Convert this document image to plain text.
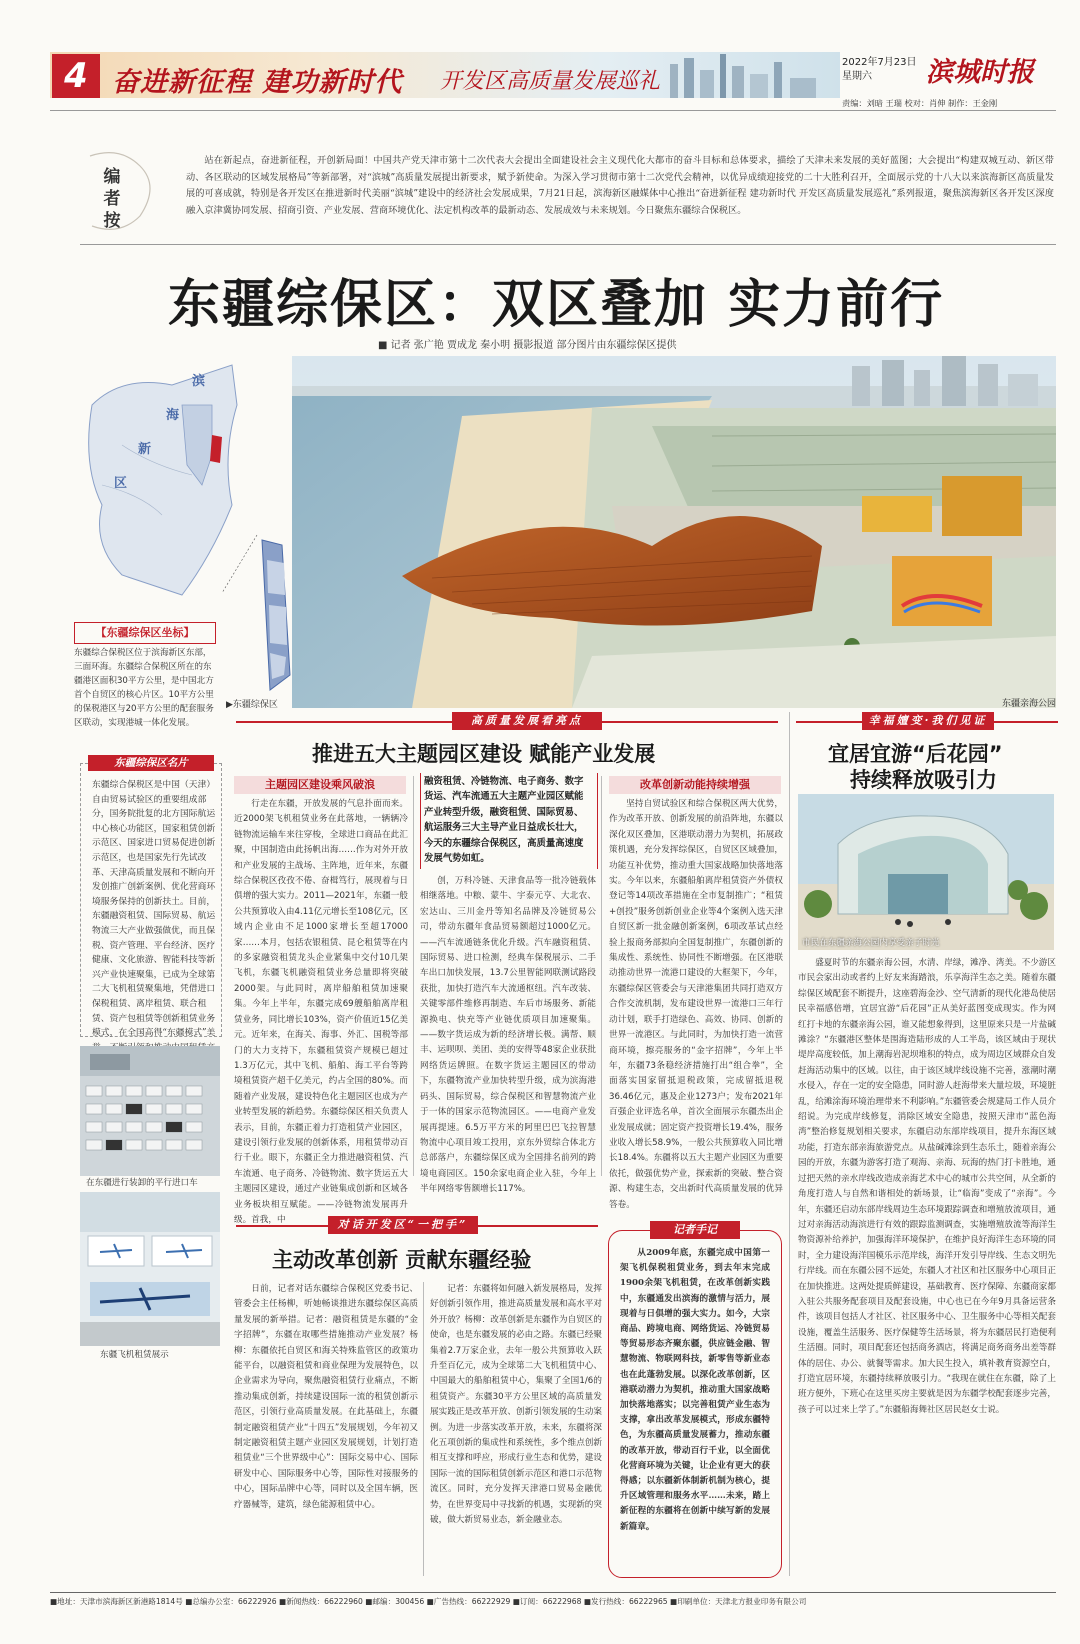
4 奋进新征程 建功新时代 开发区高质量发展巡礼
2022年7月23日
星期六	滨城时报
责编：刘暗 王瑞 校对：肖伸 制作：王金刚
编者按

站在新起点，奋进新征程，开创新局面！中国共产党天津市第十二次代表大会提出全面建设社会主义现代化大都市的奋斗目标和总体要求，描绘了天津未来发展的美好蓝图；大会提出“构建双城互动、新区带动、各区联动的区域发展格局”等新部署，对“滨城”高质量发展提出新要求，赋予新使命。为深入学习贯彻市第十二次党代会精神，以优异成绩迎接党的二十大胜利召开，全面展示党的十八大以来滨海新区高质量发展的可喜成就，特别是各开发区在推进新时代美丽“滨城”建设中的经济社会发展成果，7月21日起，滨海新区融媒体中心推出“奋进新征程 建功新时代 开发区高质量发展巡礼”系列报道，聚焦滨海新区各开发区深度融入京津冀协同发展、招商引资、产业发展、营商环境优化、法定机构改革的最新动态、发展成效与未来规划。今日聚焦东疆综合保税区。

东疆综保区：双区叠加 实力前行
■ 记者 张广艳 贾成龙 秦小明 摄影报道 部分图片由东疆综保区提供
滨
海
新
区
【东疆综保区坐标】
东疆综合保税区位于滨海新区东部，三面环海。东疆综合保税区所在的东疆港区面积30平方公里，是中国北方首个自贸区的核心片区。10平方公里的保税港区与20平方公里的配套服务区联动，实现港城一体化发展。
▶东疆综保区	东疆亲海公园
高质量发展看亮点
推进五大主题园区建设 赋能产业发展
主题园区建设乘风破浪

行走在东疆，开放发展的气息扑面而来。近2000架飞机租赁业务在此落地，一辆辆冷链物流运输车来往穿梭，全球进口商品在此汇聚，中国制造由此扬帆出海……作为对外开放和产业发展的主战场、主阵地，近年来，东疆综合保税区孜孜不倦、奋楫笃行，展现着与日俱增的强大实力。2011—2021年，东疆一般公共预算收入由4.11亿元增长至108亿元，区域内企业由不足1000家增长至超17000家……本月，包括农银租赁、昆仑租赁等在内的多家融资租赁龙头企业紧集中交付10几架飞机，东疆飞机融资租赁业务总量即将突破2000架。与此同时，离岸船舶租赁加速聚集。今年上半年，东疆完成69艘船舶离岸租赁业务，同比增长103%，资产价值近15亿美元。近年来，在海关、海事、外汇、国税等部门的大力支持下，东疆租赁资产规模已超过1.3万亿元，其中飞机、船舶、海工平台等跨境租赁资产超千亿美元，约占全国的80%。而随着产业发展，建设特色化主题园区也成为产业转型发展的新趋势。东疆综保区相关负责人表示，目前，东疆正着力打造租赁产业园区，建设引领行业发展的创新体系，用租赁带动百行千业。眼下，东疆正全力推进融资租赁、汽车流通、电子商务、冷链物流、数字货运五大主题园区建设，通过产业链集成创新和区域各业务板块相互赋能。——冷链物流发展再升级。首我，中

融资租赁、冷链物流、电子商务、数字货运、汽车流通五大主题产业园区赋能产业转型升级，融资租赁、国际贸易、航运服务三大主导产业日益成长壮大，今天的东疆综合保税区，高质量高速度发展气势如虹。

创，万科冷链、天津食品等一批冷链载体相继落地。中粮、蒙牛、宇泰元亨、大北农、宏达山、三川金丹等知名品牌及冷链贸易公司，带动东疆年食品贸易额超过1000亿元。——汽车流通链条优化升级。汽车融资租赁、国际贸易、进口检测，经典车保税展示、二手车出口加快发展，13.7公里智能网联测试路段获批，加快打造汽车大流通枢纽。汽车改装、关键零部件维修再制造、车后市场服务、新能源换电、快充等产业链优质项目加速聚集。——数字货运成为新的经济增长极。满帮、顺丰、运呗呗、美团、美的安得等48家企业获批网络货运牌照。在数字货运主题园区的带动下，东疆物流产业加快转型升级，成为滨海港码头、国际贸易，综合保税区和智慧物流产业于一体的国家示范物流园区。——电商产业发展再提速。6.5万平方米的阿里巴巴飞拉智慧物流中心项目竣工投用，京东外贸综合体北方总部落户，东疆综保区成为全国排名前列的跨境电商园区。150余家电商企业入驻，今年上半年网络零售额增长117%。

改革创新动能持续增强

坚持自贸试验区和综合保税区两大优势，作为改革开放、创新发展的前沿阵地，东疆以深化双区叠加，区港联动潜力为契机，拓展政策机遇，充分发挥综保区，自贸区区域叠加，功能互补优势，推动重大国家战略加快落地落实。今年以来，东疆船舶离岸租赁资产外债权登记等14项改革措施在全市复制推广；“租赁+创投”服务创新创业企业等4个案例入选天津自贸区新一批金融创新案例，6项改革试点经验上报商务部拟向全国复制推广，东疆创新的集成性、系统性、协同性不断增强。在区港联动推动世界一流港口建设的大框架下，今年，东疆综保区管委会与天津港集团共同打造双方合作交流机制，发布建设世界一流港口三年行动计划，联手打造绿色、高效、协同、创新的世界一流港区。与此同时，为加快打造一流营商环境，擦亮服务的“金字招牌”，今年上半年，东疆73条稳经济措施打出“组合拳”，全面落实国家留抵退税政策，完成留抵退税36.46亿元，惠及企业1273户；发布2021年百强企业评选名单，首次全面展示东疆杰出企业发展成就；固定资产投资增长19.4%，服务业收入增长58.9%，一般公共预算收入同比增长18.4%。东疆将以五大主题产业园区为重要依托，做强优势产业，探索新的突破、整合资源、构建生态，交出新时代高质量发展的优异答卷。

东疆综保区名片
东疆综合保税区是中国（天津）自由贸易试验区的重要组成部分，国务院批复的北方国际航运中心核心功能区，国家租赁创新示范区、国家进口贸易促进创新示范区，也是国家先行先试改革、天津高质量发展和不断向开发创推广创新案例、优化营商环境服务保持的创新扶土。目前，东疆融资租赁、国际贸易、航运物流三大产业做强做优，而且保税、资产管理、平台经济、医疗健康、文化旅游、智能科技等新兴产业快速聚集，已成为全球第二大飞机租赁聚集地，凭借进口保税租赁、离岸租赁、联合租赁、资产包租赁等创新租赁业务模式，在全国高得“东疆模式”美
在东疆进行装卸的平行进口车
东疆飞机租赁展示
幸福嬗变·我们见证
宜居宜游“后花园”
持续释放吸引力
市民在东疆亲海公园内享受亲子时光

盛夏时节的东疆亲海公园，水清、岸绿，滩净、湾美。不少游区市民会家出动或者约上好友来海踏浪，乐享海洋生态之美。随着东疆综保区域配套不断提升，这座碧海金沙、空气清新的现代化港岛使居民幸福感倍增，宜居宜游“后花园”正从美好蓝图变成现实。作为网红打卡地的东疆亲海公园，谁又能想象得到，这里原来只是一片盐碱滩涂？“东疆港区整体是围海造陆形成的人工半岛，该区域由于现状堤岸高度较低，加上潮海岩泥坝堆积的特点，成为周边区域群众自发赶海活动集中的区域。以往，由于该区域岸线设施不完善，涨潮时潮水侵入，存在一定的安全隐患，同时游人赶海带来大量垃圾，环境脏乱，给滩涂海环境治理带来不利影响。”东疆管委会规建局工作人员介绍说。为完成岸线修复，消除区域安全隐患，按照天津市“蓝色海湾”整治修复规划相关要求，东疆启动东部岸线项目，提升东海区域功能，打造东部亲海旅游党点。从盐碱滩涂到生态乐土，随着亲海公园的开放，东疆为游客打造了观海、亲海、玩海的热门打卡胜地，通过把天然的亲水岸线改造成亲海艺术中心的城市公共空间，从全新的角度打造人与自然和谐相处的新场景，让“临海”变成了“亲海”。今年，东疆还启动东部岸线周边生态环境跟踪调查和增殖放流项目，通过对亲海活动海滨进行有效的跟踪监测调查，实施增殖放流等海洋生物资源补给养护，加强海洋环境保护，在维护良好海洋生态环境的同时，全力建设海洋国模乐示范岸线，海洋开发引导岸线、生态文明先行岸线。而在东疆公园不远处，东疆人才社区和社区服务中心项目正在加快推进。这两处提质鲜建设，基础教育、医疗保障、东疆商家都入驻公共服务配套项目及配套设施，中心也已在今年9月具备运营条件，该项目包括人才社区、社区服务中心、卫生服务中心等相关配套设施，覆盖生活服务、医疗保健等生活场景，将为东疆居民打造便利生活圈。同时，项目配套还包括商务酒店，将满足商务商务出差等群体的居住、办公、就餐等需求。加大民生投入，填补教育资源空白，打造宜居环境，东疆持续释放吸引力。“我现在就住在东疆，除了上班方便外，下班心在这里买房主要就是因为东疆学校配套逐步完善，孩子可以过来上学了。”东疆船海舞社区居民赵女士说。

对话开发区“一把手”
主动改革创新 贡献东疆经验

日前，记者对话东疆综合保税区党委书记、管委会主任杨柳，听她畅谈推进东疆综保区高质量发展的新举措。记者：融资租赁是东疆的“金字招牌”，东疆在取哪些措施推动产业发展？杨柳：东疆依托自贸区和海关特殊监管区的政策功能平台，以融资租赁和商业保理为发展特色，以企业需求为导向，聚焦融资租赁行业痛点，不断推动集成创新，持续建设国际一流的租赁创新示范区，引领行业高质量发展。在此基础上，东疆制定融资租赁产业“十四五”发展规划，今年初又制定融资租赁主题产业园区发展规划，计划打造租赁业“三个世界级中心”：国际交易中心、国际研发中心、国际服务中心等，国际性对接服务的中心，国际品牌中心等，同时以及全国车辆，医疗器械等，建筑，绿色能源租赁中心。

记者：东疆将如何融入新发展格局，发挥好创新引领作用，推进高质量发展和高水平对外开放？杨柳：改革创新是东疆作为自贸区的使命，也是东疆发展的必由之路。东疆已经聚集着2.7万家企业，去年一般公共预算收入跃升至百亿元，成为全球第二大飞机租赁中心、中国最大的船舶租赁中心，集聚了全国1/6的租赁资产。东疆30平方公里区域的高质量发展实践正是改革开放、创新引领发展的生动案例。为进一步落实改革开放，未来，东疆将深化五项创新的集成性和系统性，多个维点创新相互支撑和呼应，形成行业生态和优势，建设国际一流的国际租赁创新示范区和港口示范物流区。同时，充分发挥天津港口贸易金融优势，在世界变局中寻找新的机遇，实现新的突破，做大新贸易业态，新金融业态。

记者手记
从2009年底，东疆完成中国第一架飞机保税租赁业务，到去年末完成1900余架飞机租赁，在改革创新实践中，东疆通发出滨海的激情与活力，展现着与日俱增的强大实力。如今，大宗商品、跨境电商、网络货运、冷链贸易等贸易形态齐聚东疆，供应链金融、智慧物流、物联网科技，新零售等新业态也在此蓬勃发展。以深化改革创新，区港联动潜力为契机，推动重大国家战略加快落地落实；以完善租赁产业生态为支撑，拿出改革发展模式，形成东疆特色，为东疆高质量发展蓄力，推动东疆的改革开放，带动百行千业，以全面优化营商环境为关键，让企业有更大的获得感；以东疆新体制新机制为核心，提升区域管理和服务水平……未来，踏上新征程的东疆将在创新中续写新的发展新篇章。
■地址：天津市滨海新区新港路1814号 ■总编办公室：66222926 ■新闻热线：66222960 ■邮编：300456 ■广告热线：66222929 ■订阅：66222968 ■发行热线：66222965 ■印刷单位：天津北方报业印务有限公司
